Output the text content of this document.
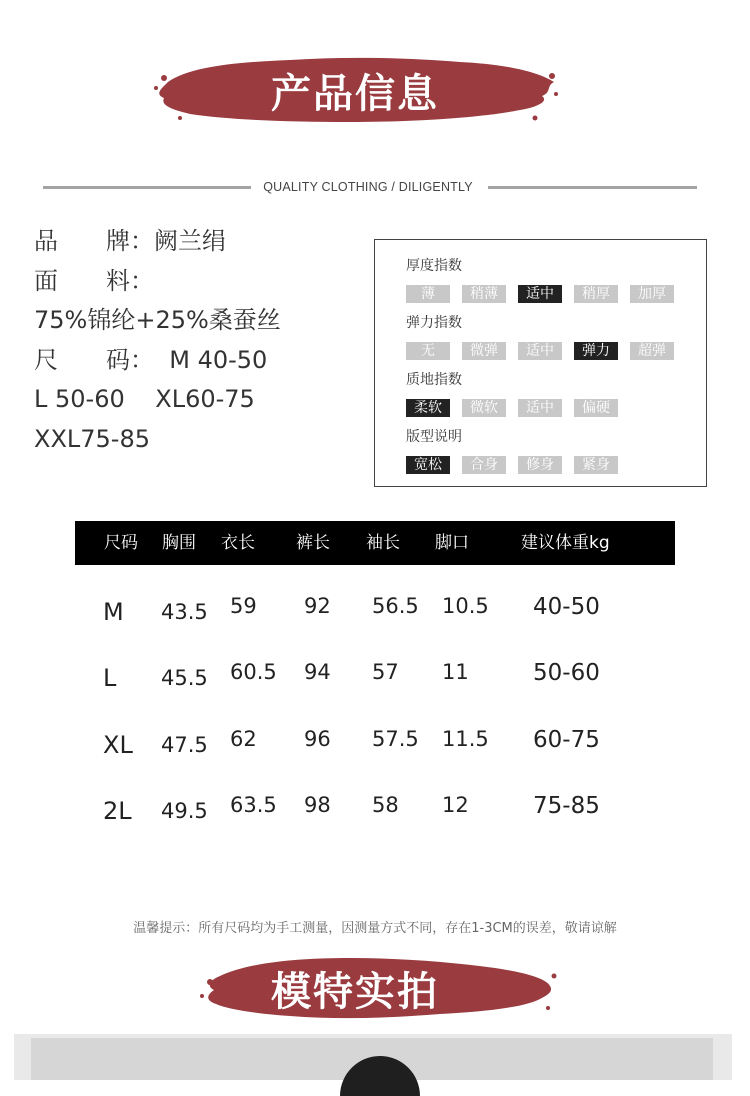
产品信息
QUALITY CLOTHING / DILIGENTLY
品　　牌：阙兰绢
面　　料：
75%锦纶+25%桑蚕丝
尺　　码：  M 40-50
L 50-60    XL60-75
XXL75-85
厚度指数
薄	稍薄	适中	稍厚	加厚
弹力指数
无	微弹	适中	弹力	超弹
质地指数
柔软	微软	适中	偏硬
版型说明
宽松	合身	修身	紧身
尺码 胸围 衣长 裤长 袖长 脚口	建议体重kg
M 43.5 59 92 56.5 10.5 40-50
L 45.5 60.5 94 57 11	50-60
XL 47.5 62 96 57.5 11.5 60-75
2L 49.5 63.5 98 58 12	75-85
温馨提示：所有尺码均为手工测量，因测量方式不同，存在1-3CM的误差，敬请谅解
模特实拍
